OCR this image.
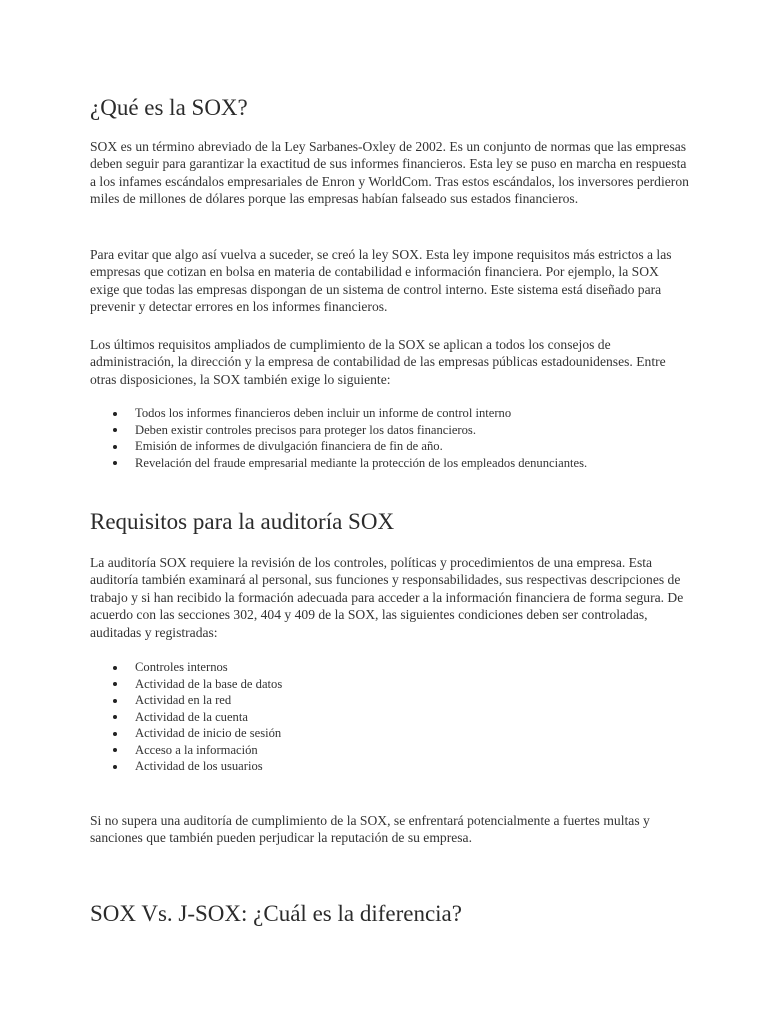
¿Qué es la SOX?

SOX es un término abreviado de la Ley Sarbanes-Oxley de 2002. Es un conjunto de normas que las empresas deben seguir para garantizar la exactitud de sus informes financieros. Esta ley se puso en marcha en respuesta a los infames escándalos empresariales de Enron y WorldCom. Tras estos escándalos, los inversores perdieron miles de millones de dólares porque las empresas habían falseado sus estados financieros.

Para evitar que algo así vuelva a suceder, se creó la ley SOX. Esta ley impone requisitos más estrictos a las empresas que cotizan en bolsa en materia de contabilidad e información financiera. Por ejemplo, la SOX exige que todas las empresas dispongan de un sistema de control interno. Este sistema está diseñado para prevenir y detectar errores en los informes financieros.

Los últimos requisitos ampliados de cumplimiento de la SOX se aplican a todos los consejos de administración, la dirección y la empresa de contabilidad de las empresas públicas estadounidenses. Entre otras disposiciones, la SOX también exige lo siguiente:

Todos los informes financieros deben incluir un informe de control interno
Deben existir controles precisos para proteger los datos financieros.
Emisión de informes de divulgación financiera de fin de año.
Revelación del fraude empresarial mediante la protección de los empleados denunciantes.
Requisitos para la auditoría SOX

La auditoría SOX requiere la revisión de los controles, políticas y procedimientos de una empresa. Esta auditoría también examinará al personal, sus funciones y responsabilidades, sus respectivas descripciones de trabajo y si han recibido la formación adecuada para acceder a la información financiera de forma segura. De acuerdo con las secciones 302, 404 y 409 de la SOX, las siguientes condiciones deben ser controladas, auditadas y registradas:

Controles internos
Actividad de la base de datos
Actividad en la red
Actividad de la cuenta
Actividad de inicio de sesión
Acceso a la información
Actividad de los usuarios

Si no supera una auditoría de cumplimiento de la SOX, se enfrentará potencialmente a fuertes multas y sanciones que también pueden perjudicar la reputación de su empresa.

SOX Vs. J-SOX: ¿Cuál es la diferencia?
